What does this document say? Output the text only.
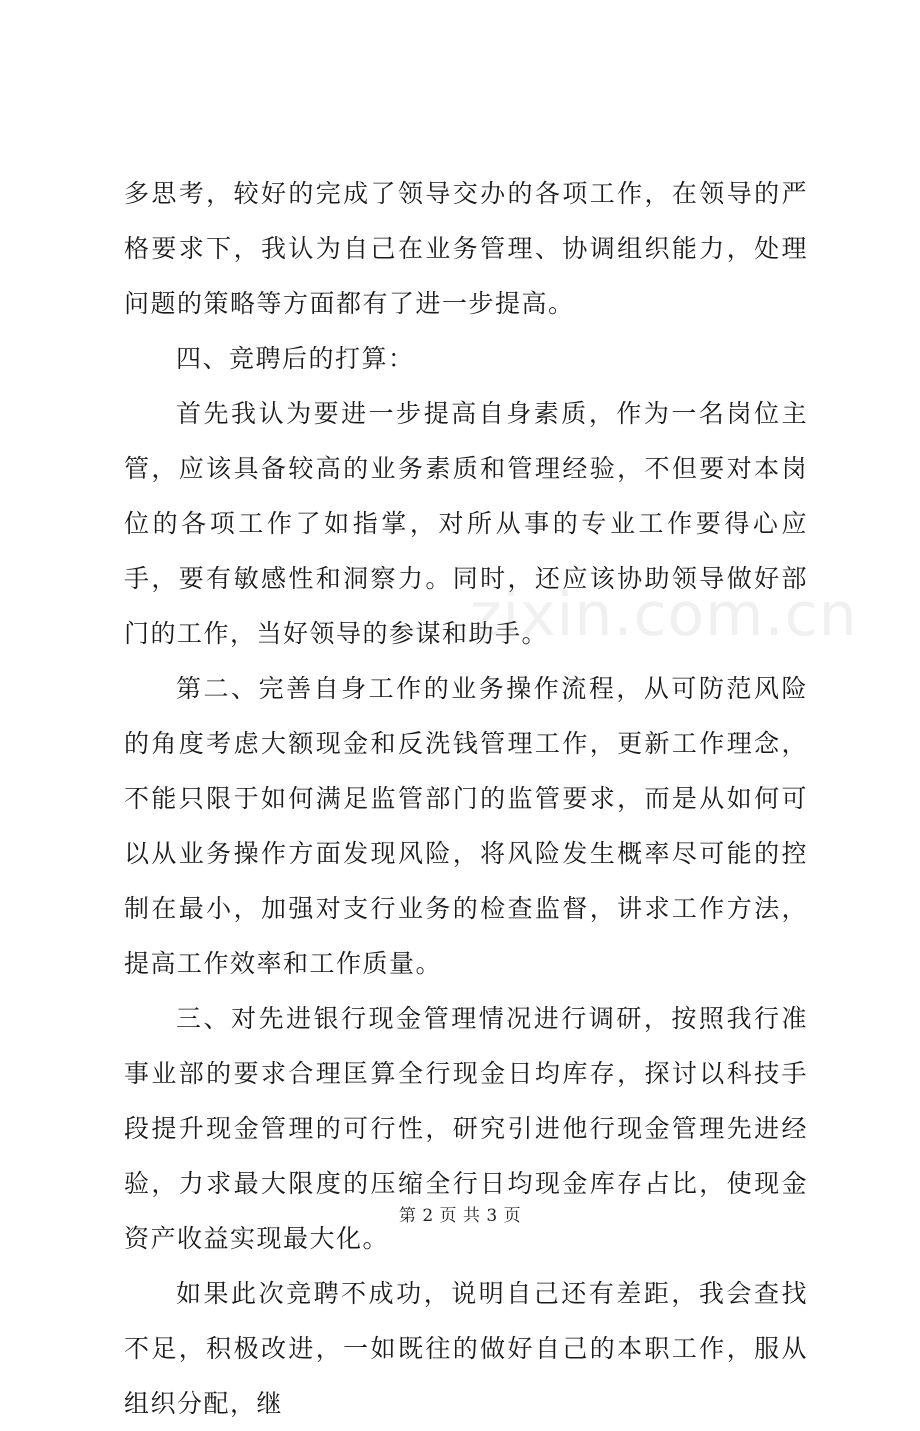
多思考，较好的完成了领导交办的各项工作，在领导的严格要求下，我认为自己在业务管理、协调组织能力，处理问题的策略等方面都有了进一步提高。

四、竞聘后的打算：

首先我认为要进一步提高自身素质，作为一名岗位主管，应该具备较高的业务素质和管理经验，不但要对本岗位的各项工作了如指掌，对所从事的专业工作要得心应手，要有敏感性和洞察力。同时，还应该协助领导做好部门的工作，当好领导的参谋和助手。

第二、完善自身工作的业务操作流程，从可防范风险的角度考虑大额现金和反洗钱管理工作，更新工作理念，不能只限于如何满足监管部门的监管要求，而是从如何可以从业务操作方面发现风险，将风险发生概率尽可能的控制在最小，加强对支行业务的检查监督，讲求工作方法，提高工作效率和工作质量。

三、对先进银行现金管理情况进行调研，按照我行准事业部的要求合理匡算全行现金日均库存，探讨以科技手段提升现金管理的可行性，研究引进他行现金管理先进经验，力求最大限度的压缩全行日均现金库存占比，使现金资产收益实现最大化。

如果此次竞聘不成功，说明自己还有差距，我会查找不足，积极改进，一如既往的做好自己的本职工作，服从组织分配，继

zixin.com.cn
第 2 页 共 3 页
